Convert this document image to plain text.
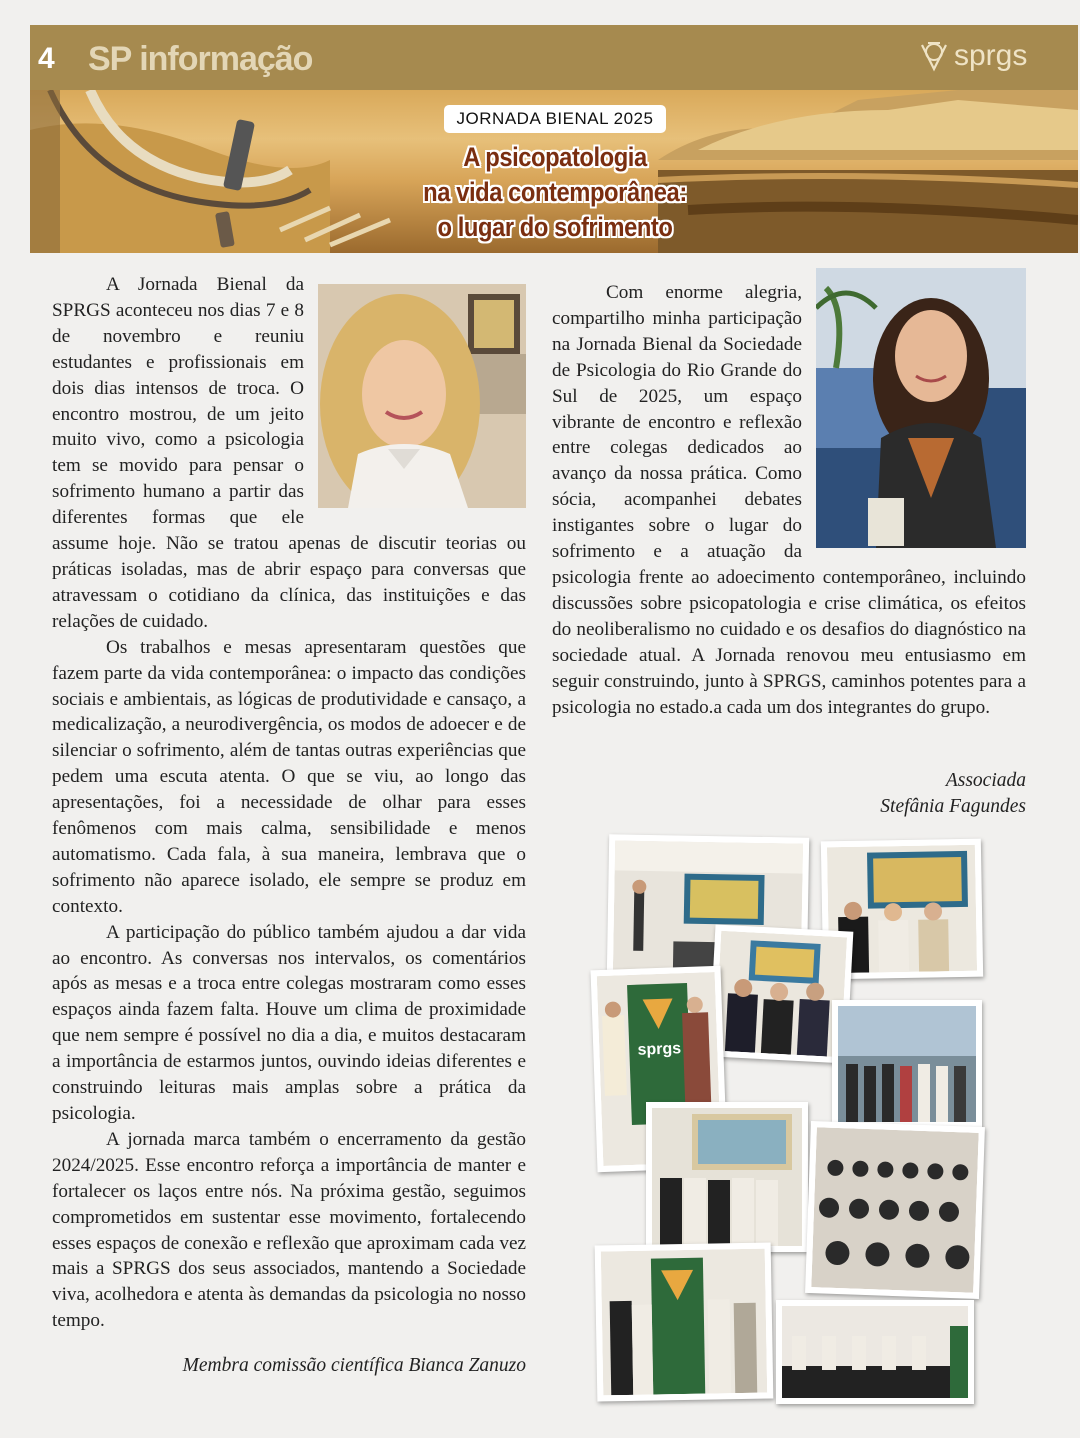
4 SP informação	sprgs
JORNADA BIENAL 2025
A psicopatologia
na vida contemporânea:
o lugar do sofrimento

A Jornada Bienal da SPRGS aconteceu nos dias 7 e 8 de novembro e reuniu estudantes e profissionais em dois dias intensos de troca. O encontro mostrou, de um jeito muito vivo, como a psicologia tem se movido para pensar o sofrimento humano a partir das diferentes formas que ele assume hoje. Não se tratou apenas de discutir teorias ou práticas isoladas, mas de abrir espaço para conversas que atravessam o cotidiano da clínica, das instituições e das relações de cuidado.

Os trabalhos e mesas apresentaram questões que fazem parte da vida contemporânea: o impacto das condições sociais e ambientais, as lógicas de produtividade e cansaço, a medicalização, a neurodivergência, os modos de adoecer e de silenciar o sofrimento, além de tantas outras experiências que pedem uma escuta atenta. O que se viu, ao longo das apresentações, foi a necessidade de olhar para esses fenômenos com mais calma, sensibilidade e menos automatismo. Cada fala, à sua maneira, lembrava que o sofrimento não aparece isolado, ele sempre se produz em contexto.

A participação do público também ajudou a dar vida ao encontro. As conversas nos intervalos, os comentários após as mesas e a troca entre colegas mostraram como esses espaços ainda fazem falta. Houve um clima de proximidade que nem sempre é possível no dia a dia, e muitos destacaram a importância de estarmos juntos, ouvindo ideias diferentes e construindo leituras mais amplas sobre a prática da psicologia.

A jornada marca também o encerramento da gestão 2024/2025. Esse encontro reforça a importância de manter e fortalecer os laços entre nós. Na próxima gestão, seguimos comprometidos em sustentar esse movimento, fortalecendo esses espaços de conexão e reflexão que aproximam cada vez mais a SPRGS dos seus associados, mantendo a Sociedade viva, acolhedora e atenta às demandas da psicologia no nosso tempo.

Membra comissão científica Bianca Zanuzo

Com enorme alegria, compartilho minha participação na Jornada Bienal da Sociedade de Psicologia do Rio Grande do Sul de 2025, um espaço vibrante de encontro e reflexão entre colegas dedicados ao avanço da nossa prática. Como sócia, acompanhei debates instigantes sobre o lugar do sofrimento e a atuação da psicologia frente ao adoecimento contemporâneo, incluindo discussões sobre psicopatologia e crise climática, os efeitos do neoliberalismo no cuidado e os desafios do diagnóstico na sociedade atual. A Jornada renovou meu entusiasmo em seguir construindo, junto à SPRGS, caminhos potentes para a psicologia no estado.a cada um dos integrantes do grupo.

Associada
Stefânia Fagundes
sprgs
